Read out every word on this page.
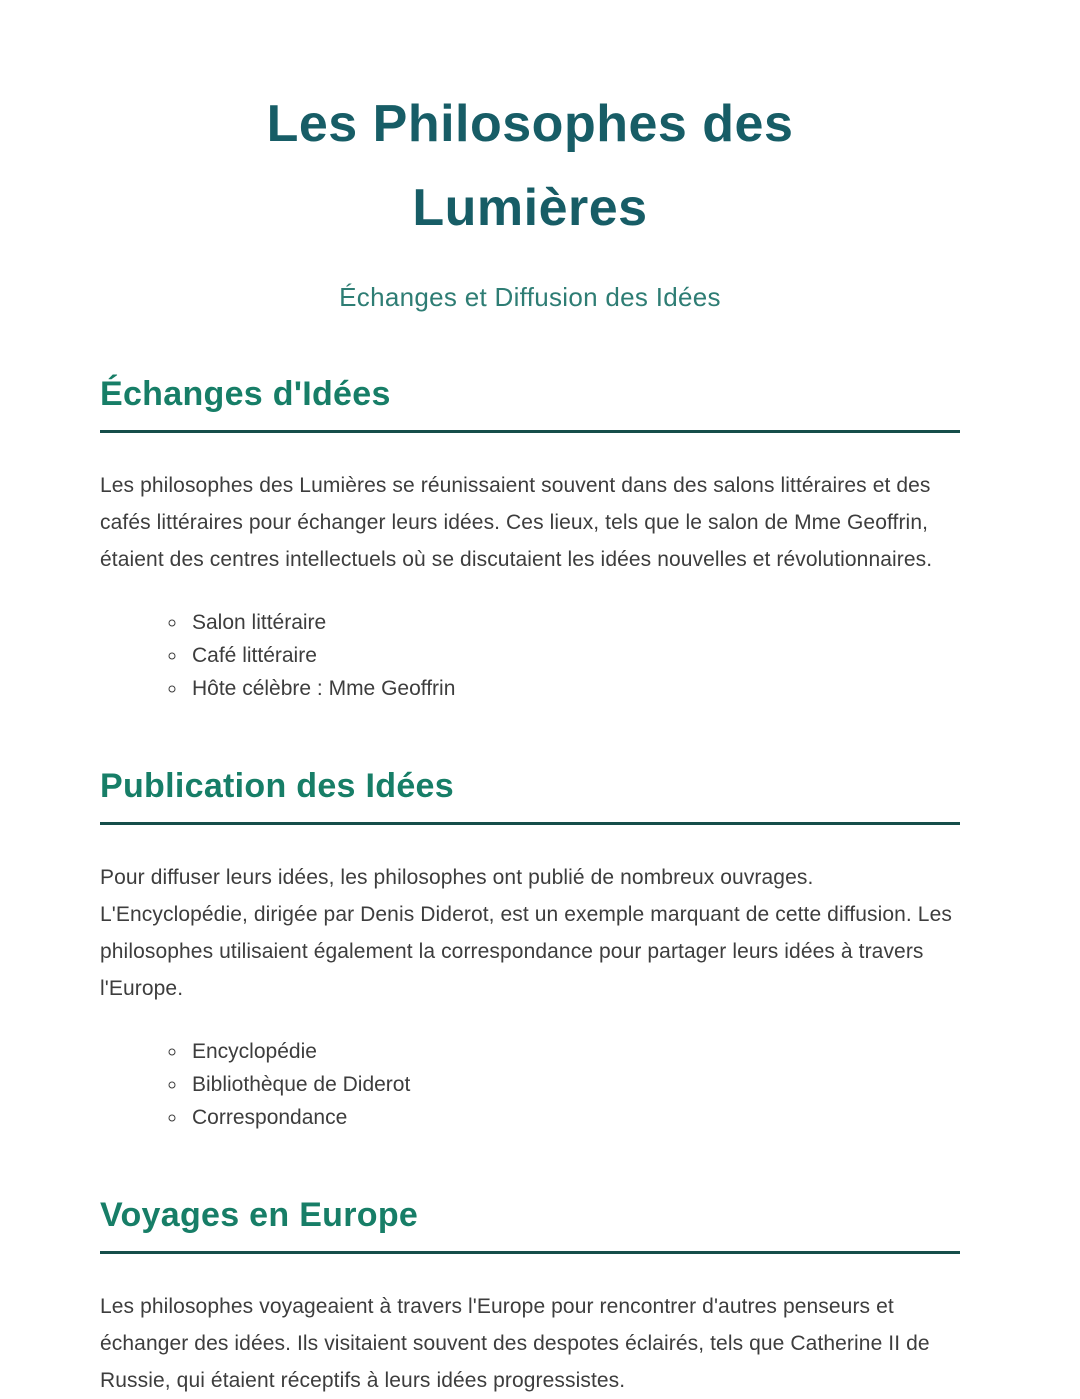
Les Philosophes des Lumières
Échanges et Diffusion des Idées
Échanges d'Idées

Les philosophes des Lumières se réunissaient souvent dans des salons littéraires et des cafés littéraires pour échanger leurs idées. Ces lieux, tels que le salon de Mme Geoffrin, étaient des centres intellectuels où se discutaient les idées nouvelles et révolutionnaires.

◦ Salon littéraire
◦ Café littéraire
◦ Hôte célèbre : Mme Geoffrin
Publication des Idées

Pour diffuser leurs idées, les philosophes ont publié de nombreux ouvrages. L'Encyclopédie, dirigée par Denis Diderot, est un exemple marquant de cette diffusion. Les philosophes utilisaient également la correspondance pour partager leurs idées à travers l'Europe.

◦ Encyclopédie
◦ Bibliothèque de Diderot
◦ Correspondance
Voyages en Europe

Les philosophes voyageaient à travers l'Europe pour rencontrer d'autres penseurs et échanger des idées. Ils visitaient souvent des despotes éclairés, tels que Catherine II de Russie, qui étaient réceptifs à leurs idées progressistes.
